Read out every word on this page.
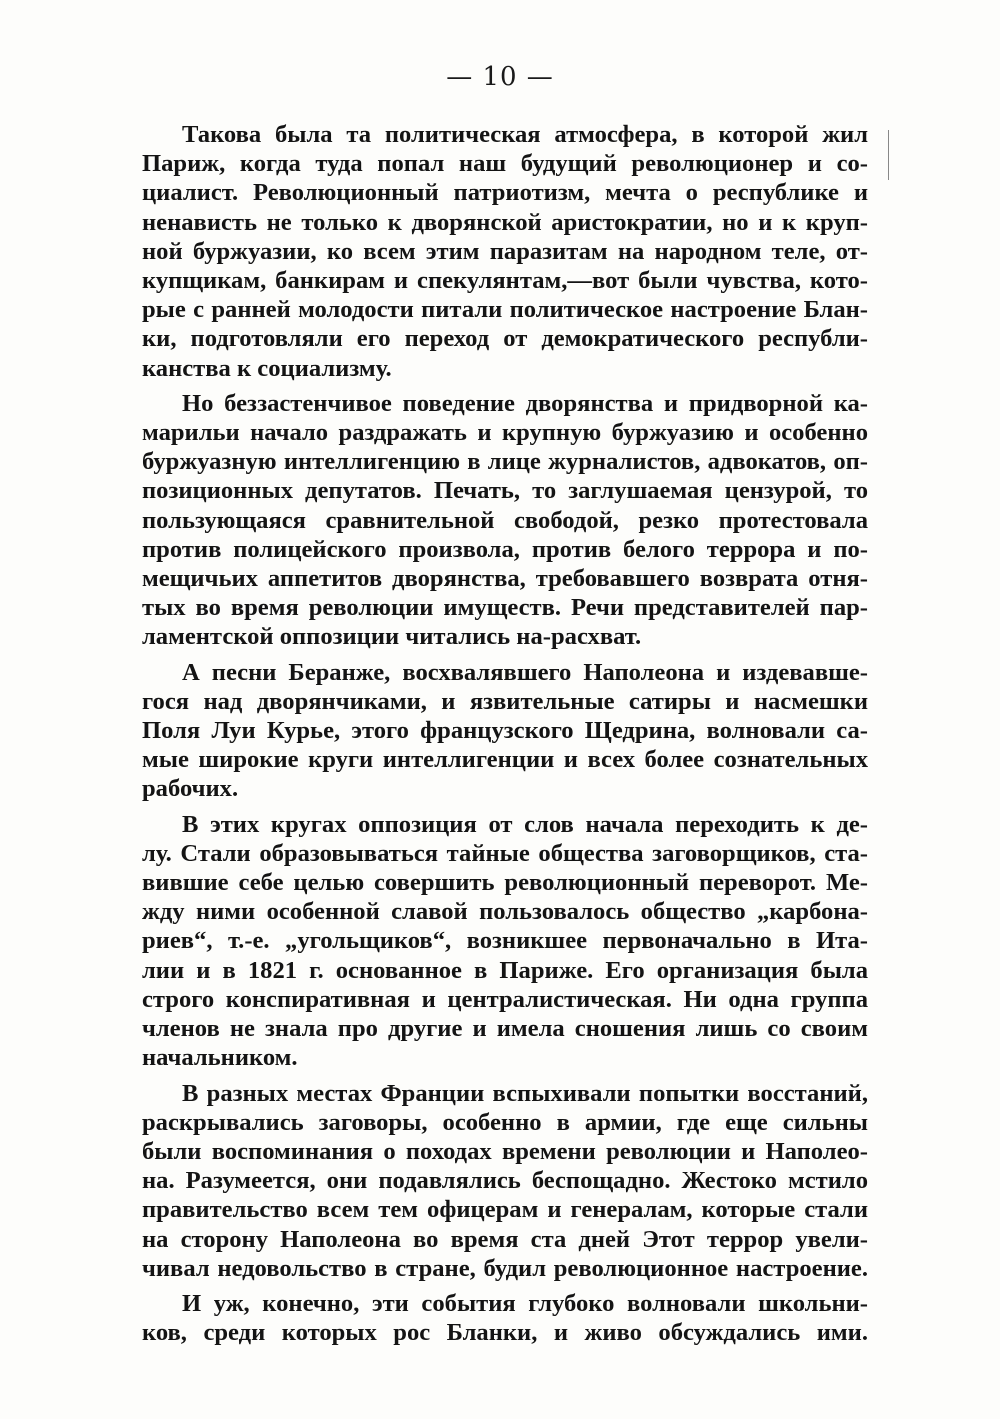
— 10 —
Такова была та политическая атмосфера, в которой жил
Париж, когда туда попал наш будущий революционер и со-
циалист. Революционный патриотизм, мечта о республике и
ненависть не только к дворянской аристократии, но и к круп-
ной буржуазии, ко всем этим паразитам на народном теле, от-
купщикам, банкирам и спекулянтам,—вот были чувства, кото-
рые с ранней молодости питали политическое настроение Блан-
ки, подготовляли его переход от демократического республи-
канства к социализму.
Но беззастенчивое поведение дворянства и придворной ка-
марильи начало раздражать и крупную буржуазию и особенно
буржуазную интеллигенцию в лице журналистов, адвокатов, оп-
позиционных депутатов. Печать, то заглушаемая цензурой, то
пользующаяся сравнительной свободой, резко протестовала
против полицейского произвола, против белого террора и по-
мещичьих аппетитов дворянства, требовавшего возврата отня-
тых во время революции имуществ. Речи представителей пар-
ламентской оппозиции читались на-расхват.
А песни Беранже, восхвалявшего Наполеона и издевавше-
гося над дворянчиками, и язвительные сатиры и насмешки
Поля Луи Курье, этого французского Щедрина, волновали са-
мые широкие круги интеллигенции и всех более сознательных
рабочих.
В этих кругах оппозиция от слов начала переходить к де-
лу. Стали образовываться тайные общества заговорщиков, ста-
вившие себе целью совершить революционный переворот. Ме-
жду ними особенной славой пользовалось общество „карбона-
риев“, т.-е. „угольщиков“, возникшее первоначально в Ита-
лии и в 1821 г. основанное в Париже. Его организация была
строго конспиративная и централистическая. Ни одна группа
членов не знала про другие и имела сношения лишь со своим
начальником.
В разных местах Франции вспыхивали попытки восстаний,
раскрывались заговоры, особенно в армии, где еще сильны
были воспоминания о походах времени революции и Наполео-
на. Разумеется, они подавлялись беспощадно. Жестоко мстило
правительство всем тем офицерам и генералам, которые стали
на сторону Наполеона во время ста дней Этот террор увели-
чивал недовольство в стране, будил революционное настроение.
И уж, конечно, эти события глубоко волновали школьни-
ков, среди которых рос Бланки, и живо обсуждались ими.
